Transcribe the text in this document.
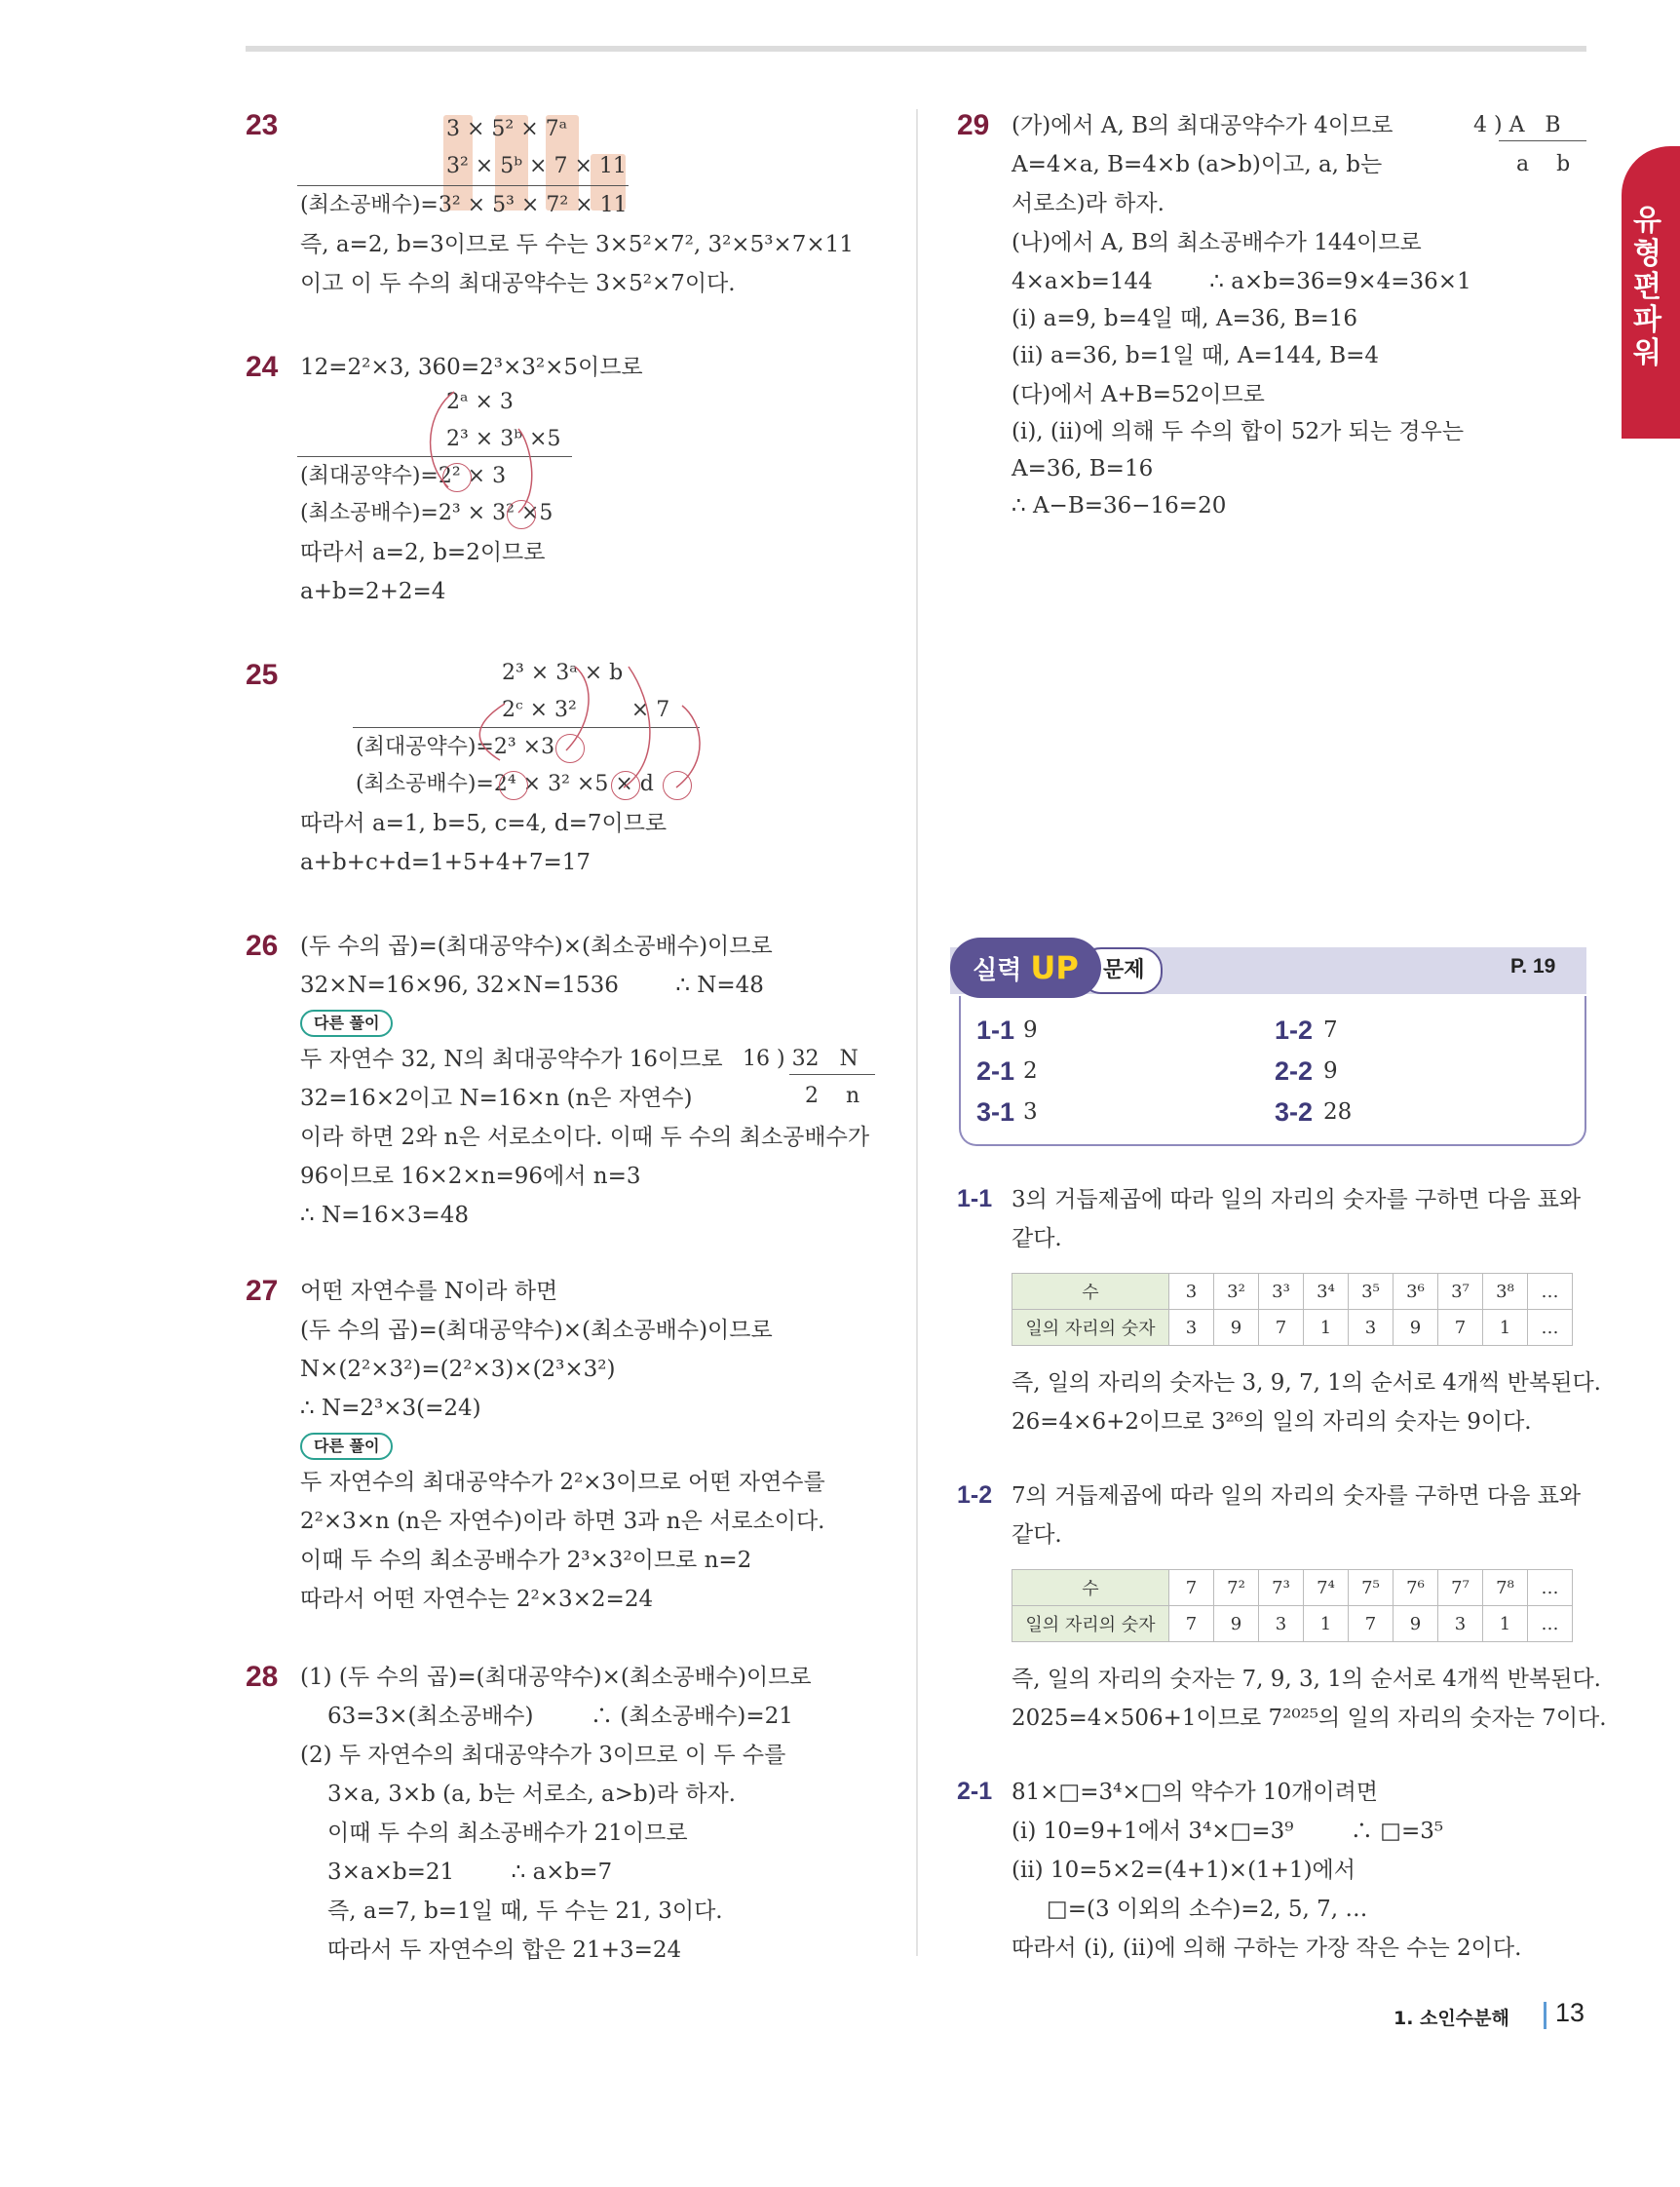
유형편 파워
23	3 × 5² × 7ᵃ
3² × 5ᵇ × 7 × 11
(최소공배수)=3² × 5³ × 7² × 11
즉, a=2, b=3이므로 두 수는 3×5²×7², 3²×5³×7×11
이고 이 두 수의 최대공약수는 3×5²×7이다.
24 12=2²×3, 360=2³×3²×5이므로
2ᵃ × 3
2³ × 3ᵇ ×5
(최대공약수)=2² × 3
(최소공배수)=2³ × 3² ×5
따라서 a=2, b=2이므로
a+b=2+2=4
25	2³ × 3ᵃ × b
2ᶜ × 3²        × 7
(최대공약수)=2³ ×3
(최소공배수)=2⁴ × 3² ×5 × d
따라서 a=1, b=5, c=4, d=7이므로
a+b+c+d=1+5+4+7=17
26 (두 수의 곱)=(최대공약수)×(최소공배수)이므로
32×N=16×96, 32×N=1536        ∴ N=48
다른 풀이
두 자연수 32, N의 최대공약수가 16이므로 16 ) 32   N
2    n
32=16×2이고 N=16×n (n은 자연수)
이라 하면 2와 n은 서로소이다. 이때 두 수의 최소공배수가
96이므로 16×2×n=96에서 n=3
∴ N=16×3=48
27 어떤 자연수를 N이라 하면
(두 수의 곱)=(최대공약수)×(최소공배수)이므로
N×(2²×3²)=(2²×3)×(2³×3²)
∴ N=2³×3(=24)
다른 풀이
두 자연수의 최대공약수가 2²×3이므로 어떤 자연수를
2²×3×n (n은 자연수)이라 하면 3과 n은 서로소이다.
이때 두 수의 최소공배수가 2³×3²이므로 n=2
따라서 어떤 자연수는 2²×3×2=24
28 (1) (두 수의 곱)=(최대공약수)×(최소공배수)이므로
63=3×(최소공배수)        ∴ (최소공배수)=21
(2) 두 자연수의 최대공약수가 3이므로 이 두 수를
3×a, 3×b (a, b는 서로소, a>b)라 하자.
이때 두 수의 최소공배수가 21이므로
3×a×b=21        ∴ a×b=7
즉, a=7, b=1일 때, 두 수는 21, 3이다.
따라서 두 자연수의 합은 21+3=24
29 (가)에서 A, B의 최대공약수가 4이므로	4 ) A   B
a    b
A=4×a, B=4×b (a>b)이고, a, b는
서로소)라 하자.
(나)에서 A, B의 최소공배수가 144이므로
4×a×b=144        ∴ a×b=36=9×4=36×1
(ⅰ) a=9, b=4일 때, A=36, B=16
(ⅱ) a=36, b=1일 때, A=144, B=4
(다)에서 A+B=52이므로
(ⅰ), (ⅱ)에 의해 두 수의 합이 52가 되는 경우는
A=36, B=16
∴ A−B=36−16=20
문제
실력 UP	P. 19
1-1 9	1-2 7
2-1 2	2-2 9
3-1 3	3-2 28
1-1 3의 거듭제곱에 따라 일의 자리의 숫자를 구하면 다음 표와
같다.
수	3	3²	3³	3⁴	3⁵	3⁶	3⁷	3⁸	…
일의 자리의 숫자	3	9	7	1	3	9	7	1	…
즉, 일의 자리의 숫자는 3, 9, 7, 1의 순서로 4개씩 반복된다.
26=4×6+2이므로 3²⁶의 일의 자리의 숫자는 9이다.
1-2 7의 거듭제곱에 따라 일의 자리의 숫자를 구하면 다음 표와
같다.
수	7	7²	7³	7⁴	7⁵	7⁶	7⁷	7⁸	…
일의 자리의 숫자	7	9	3	1	7	9	3	1	…
즉, 일의 자리의 숫자는 7, 9, 3, 1의 순서로 4개씩 반복된다.
2025=4×506+1이므로 7²⁰²⁵의 일의 자리의 숫자는 7이다.
2-1 81×□=3⁴×□의 약수가 10개이려면
(ⅰ) 10=9+1에서 3⁴×□=3⁹        ∴ □=3⁵
(ⅱ) 10=5×2=(4+1)×(1+1)에서
□=(3 이외의 소수)=2, 5, 7, …
따라서 (ⅰ), (ⅱ)에 의해 구하는 가장 작은 수는 2이다.
1. 소인수분해 13
